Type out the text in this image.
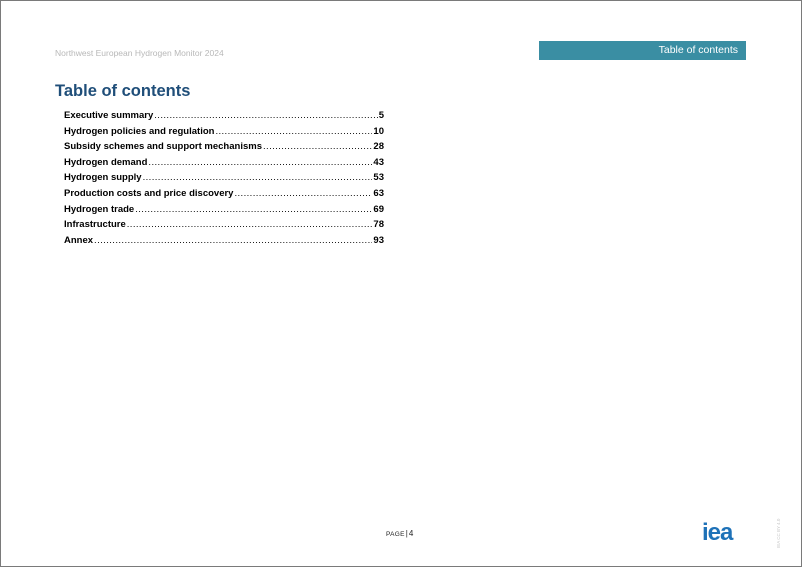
Northwest European Hydrogen Monitor 2024	Table of contents
Table of contents
Executive summary .....	5
Hydrogen policies and regulation .....	10
Subsidy schemes and support mechanisms .....	28
Hydrogen demand .....	43
Hydrogen supply .....	53
Production costs and price discovery .....	63
Hydrogen trade .....	69
Infrastructure .....	78
Annex .....	93
PAGE|4	iea	IEA CC BY 4.0
